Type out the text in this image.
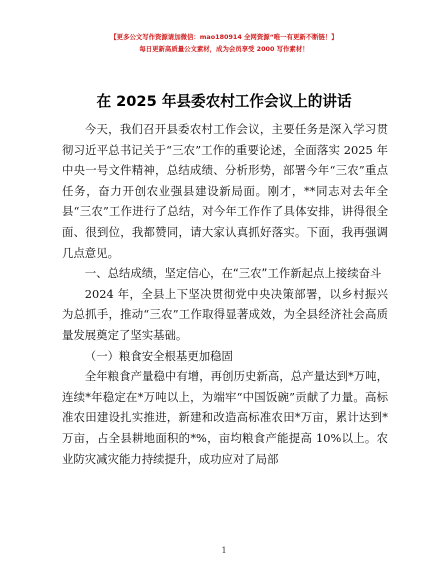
【更多公文写作资源请加微信：mao180914 全网资源“唯一有更新不断链！】
每日更新高质量公文素材，成为会员享受 2000 写作素材！
在 2025 年县委农村工作会议上的讲话

今天，我们召开县委农村工作会议，主要任务是深入学习贯彻习近平总书记关于“三农”工作的重要论述，全面落实 2025 年中央一号文件精神，总结成绩、分析形势，部署今年“三农”重点任务，奋力开创农业强县建设新局面。刚才，**同志对去年全县“三农”工作进行了总结，对今年工作作了具体安排，讲得很全面、很到位，我都赞同，请大家认真抓好落实。下面，我再强调几点意见。

一、总结成绩，坚定信心，在“三农”工作新起点上接续奋斗

2024 年，全县上下坚决贯彻党中央决策部署，以乡村振兴为总抓手，推动“三农”工作取得显著成效，为全县经济社会高质量发展奠定了坚实基础。

（一）粮食安全根基更加稳固

全年粮食产量稳中有增，再创历史新高，总产量达到*万吨，连续*年稳定在*万吨以上，为端牢“中国饭碗”贡献了力量。高标准农田建设扎实推进，新建和改造高标准农田*万亩，累计达到*万亩，占全县耕地面积的*%，亩均粮食产能提高 10%以上。农业防灾减灾能力持续提升，成功应对了局部

1
